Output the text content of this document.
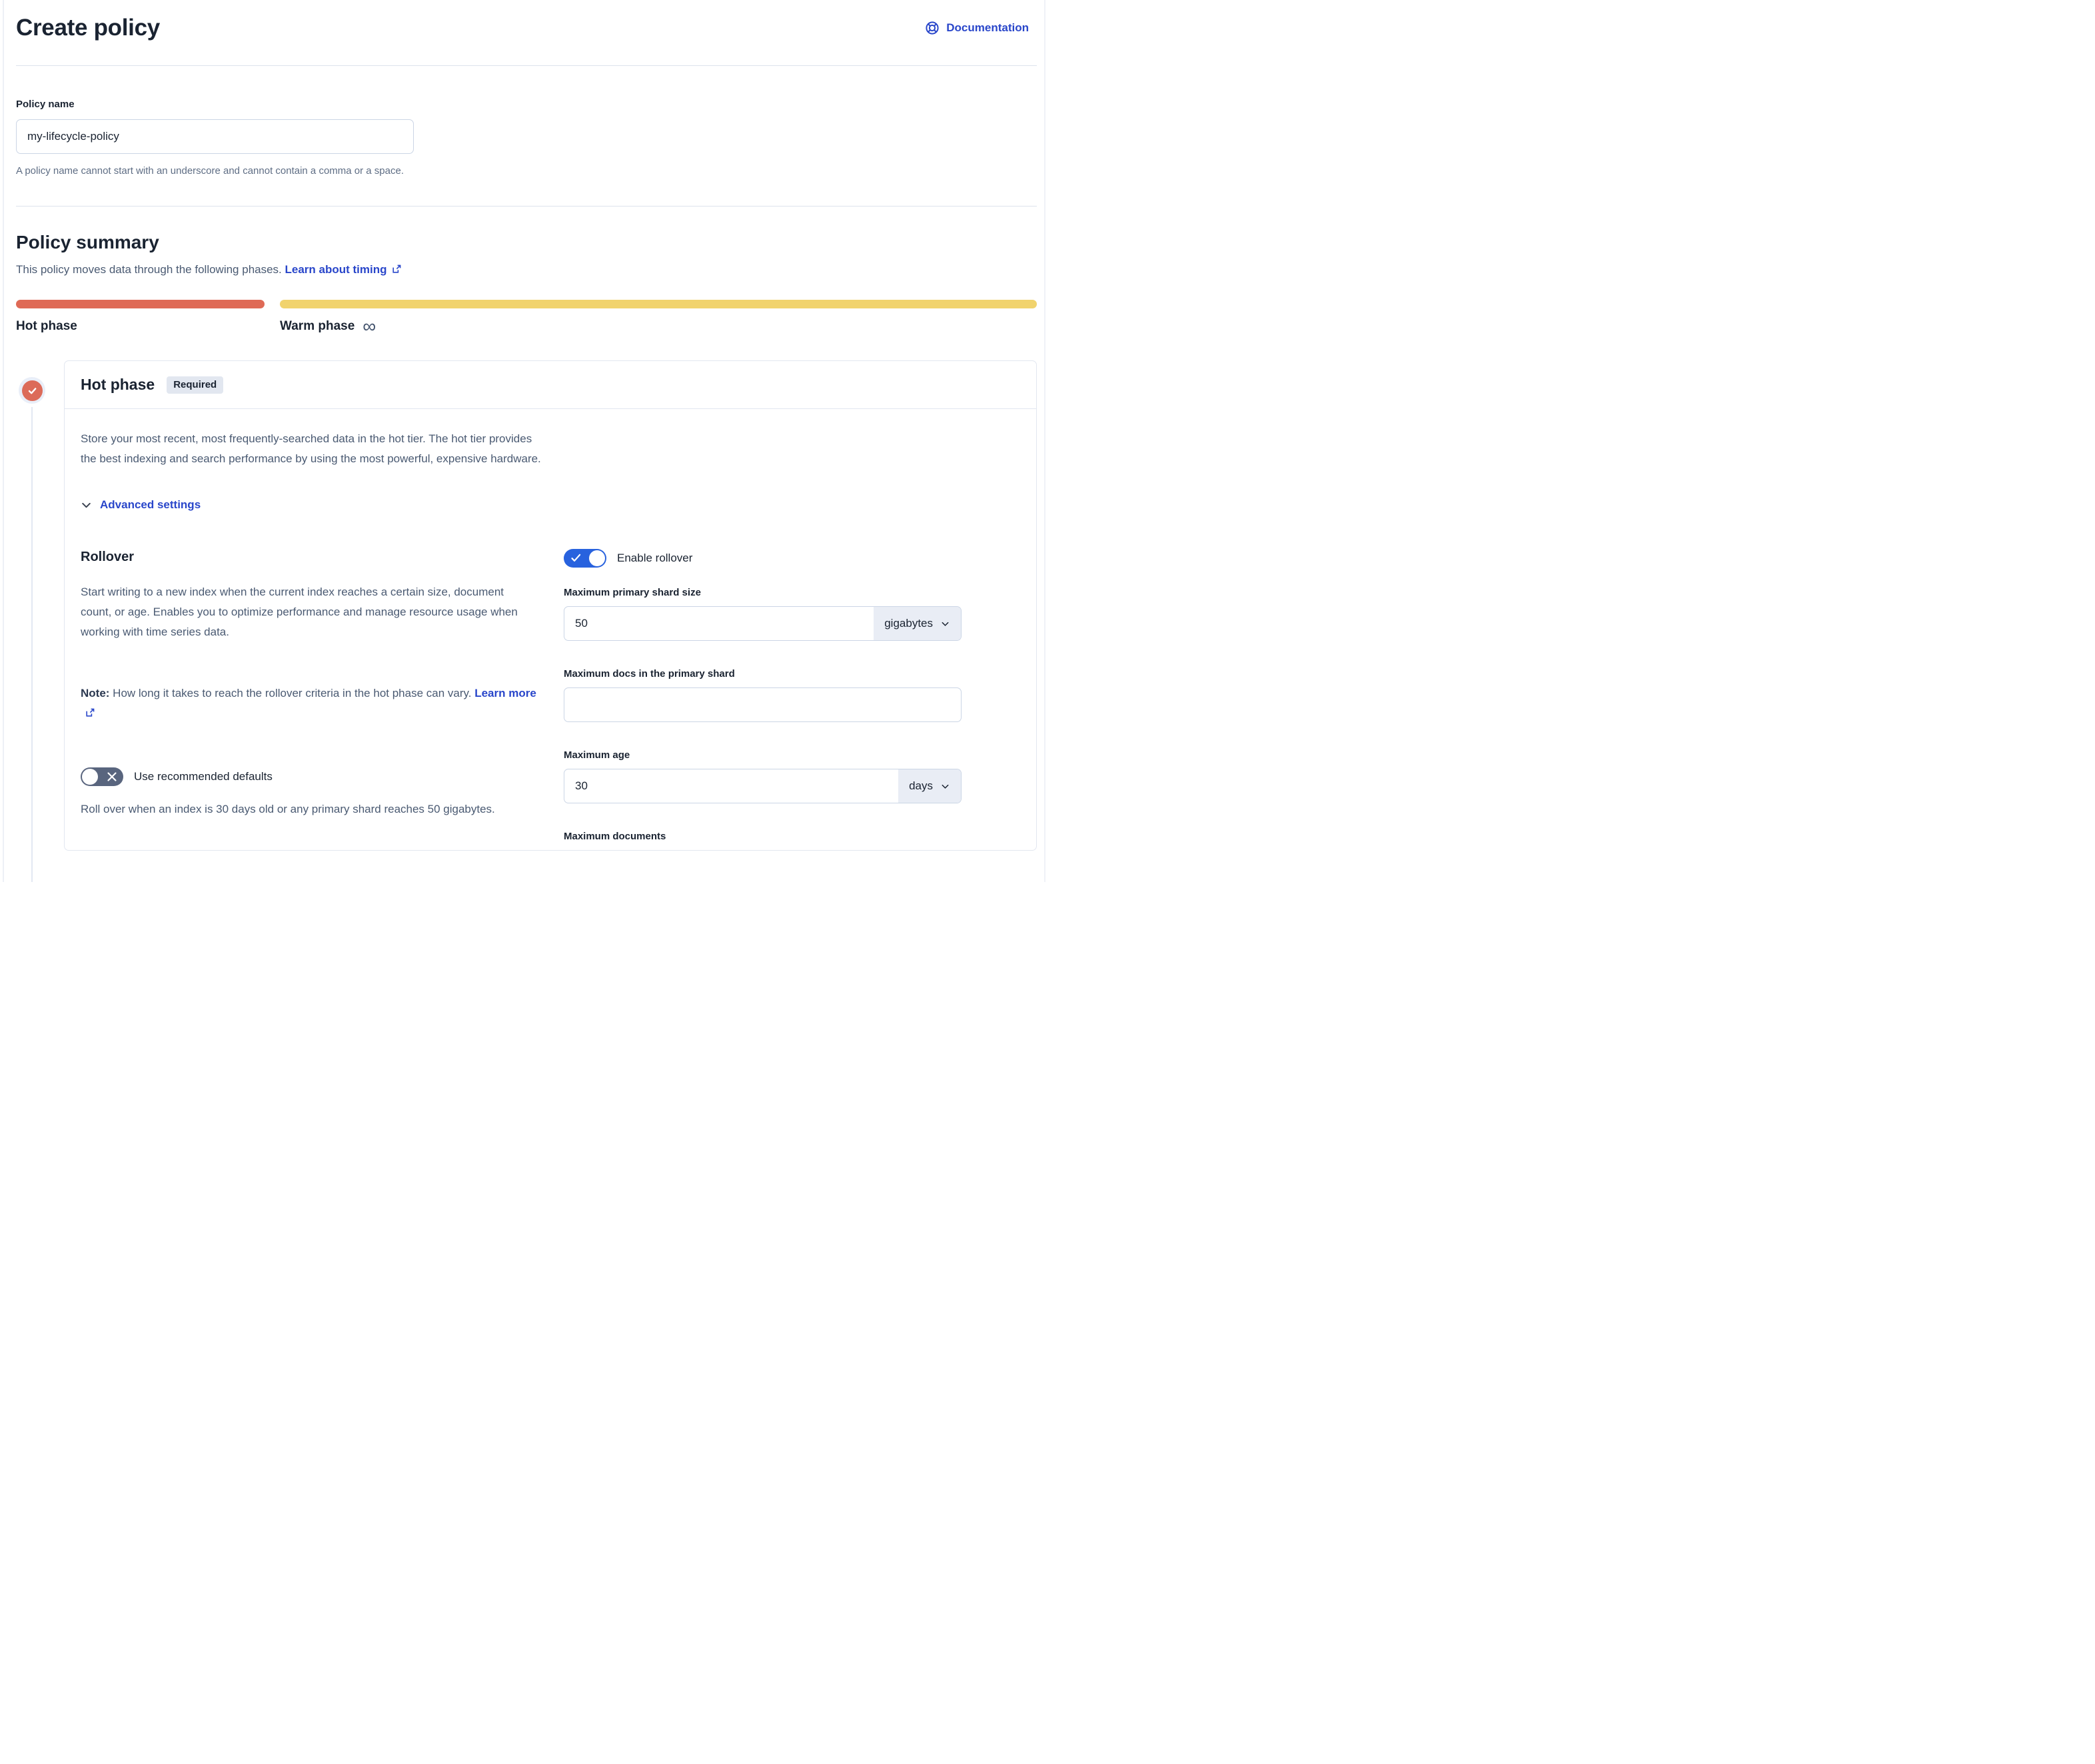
Create policy	Documentation
Policy name
my-lifecycle-policy
A policy name cannot start with an underscore and cannot contain a comma or a space.
Policy summary
This policy moves data through the following phases. Learn about timing
Hot phase	Warm phase ∞
Hot phase	Required
Store your most recent, most frequently-searched data in the hot tier. The hot tier provides the best indexing and search performance by using the most powerful, expensive hardware.
Advanced settings
Rollover
Start writing to a new index when the current index reaches a certain size, document count, or age. Enables you to optimize performance and manage resource usage when working with time series data.
Note: How long it takes to reach the rollover criteria in the hot phase can vary. Learn more
Use recommended defaults
Roll over when an index is 30 days old or any primary shard reaches 50 gigabytes.
Enable rollover
Maximum primary shard size
50
gigabytes
Maximum docs in the primary shard
Maximum age
30
days
Maximum documents
